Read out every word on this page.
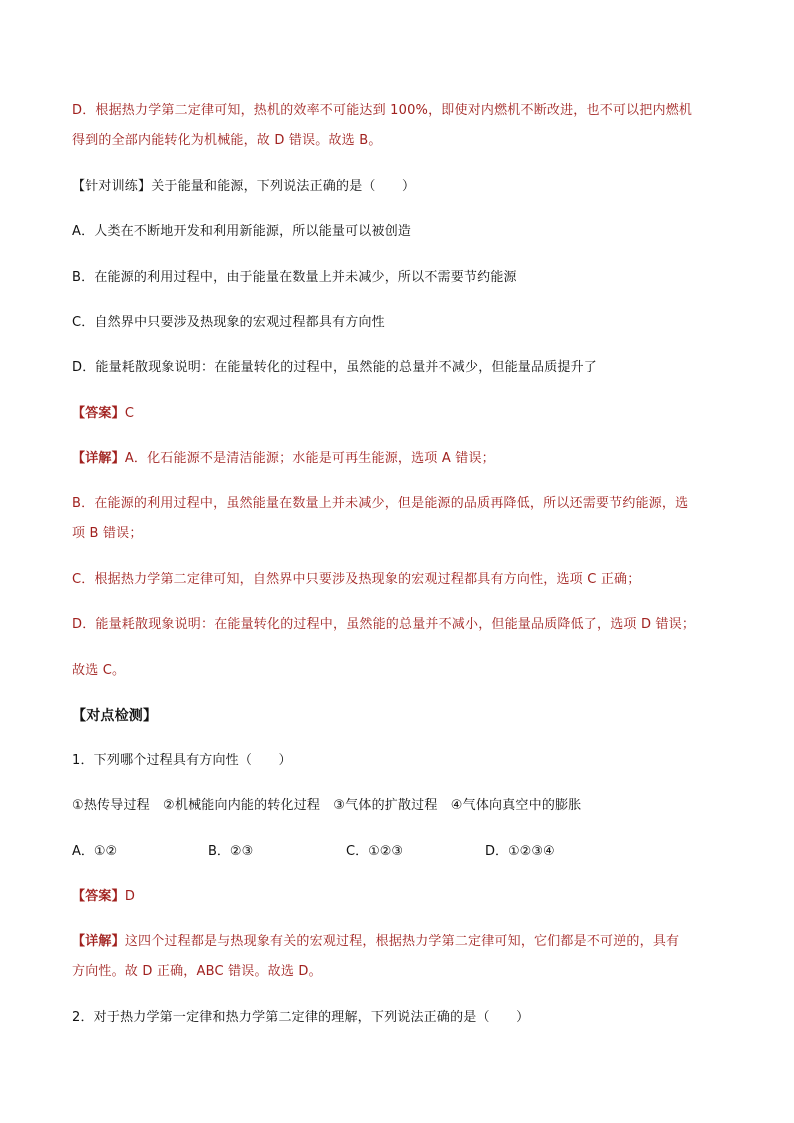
D．根据热力学第二定律可知，热机的效率不可能达到 100%，即使对内燃机不断改进，也不可以把内燃机
得到的全部内能转化为机械能，故 D 错误。故选 B。
【针对训练】关于能量和能源，下列说法正确的是（　　）
A．人类在不断地开发和利用新能源，所以能量可以被创造
B．在能源的利用过程中，由于能量在数量上并未减少，所以不需要节约能源
C．自然界中只要涉及热现象的宏观过程都具有方向性
D．能量耗散现象说明：在能量转化的过程中，虽然能的总量并不减少，但能量品质提升了
【答案】C
【详解】A．化石能源不是清洁能源；水能是可再生能源，选项 A 错误；
B．在能源的利用过程中，虽然能量在数量上并未减少，但是能源的品质再降低，所以还需要节约能源，选
项 B 错误；
C．根据热力学第二定律可知，自然界中只要涉及热现象的宏观过程都具有方向性，选项 C 正确；
D．能量耗散现象说明：在能量转化的过程中，虽然能的总量并不减小，但能量品质降低了，选项 D 错误；
故选 C。
【对点检测】
1．下列哪个过程具有方向性（　　）
①热传导过程　②机械能向内能的转化过程　③气体的扩散过程　④气体向真空中的膨胀
A．①②	B．②③	C．①②③	D．①②③④
【答案】D
【详解】这四个过程都是与热现象有关的宏观过程，根据热力学第二定律可知，它们都是不可逆的，具有
方向性。故 D 正确，ABC 错误。故选 D。
2．对于热力学第一定律和热力学第二定律的理解，下列说法正确的是（　　）
